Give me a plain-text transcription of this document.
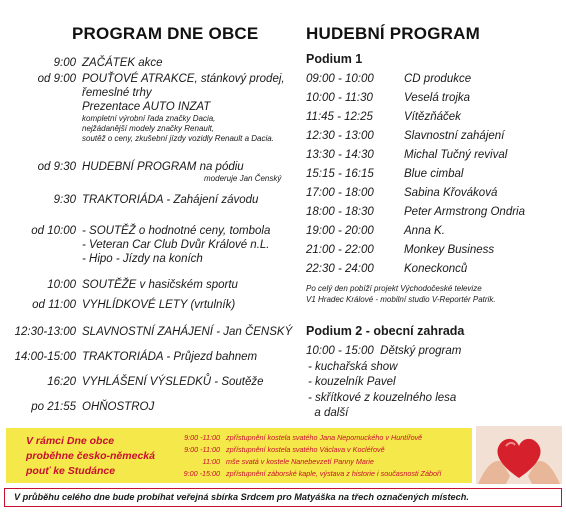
PROGRAM DNE OBCE
9:00 ZAČÁTEK akce
od 9:00 POUŤOVÉ ATRAKCE, stánkový prodej,
řemeslné trhy
Prezentace AUTO INZAT
9:30 TRAKTORIÁDA - Zahájení závodu
od 10:00 - SOUTĚŽ o hodnotné ceny, tombola
- Veteran Car Club Dvůr Králové n.L.
- Hipo - Jízdy na koních
10:00 SOUTĚŽE v hasičském sportu
od 11:00 VYHLÍDKOVÉ LETY (vrtulník)
12:30-13:00 SLAVNOSTNÍ ZAHÁJENÍ - Jan ČENSKÝ
14:00-15:00 TRAKTORIÁDA - Průjezd bahnem
16:20 VYHLÁŠENÍ VÝSLEDKŮ - Soutěže
po 21:55 OHŇOSTROJ
kompletní výrobní řada značky Dacia,
nejžádanější modely značky Renault,
soutěž o ceny, zkušební jízdy vozidly Renault a Dacia.
od 9:30 HUDEBNÍ PROGRAM na pódiu
moderuje Jan Čenský
HUDEBNÍ PROGRAM
Podium 1
09:00 - 10:00	CD produkce
10:00 - 11:30	Veselá trojka
11:45 - 12:25	Vítězňáček
12:30 - 13:00	Slavnostní zahájení
13:30 - 14:30	Michal Tučný revival
15:15 - 16:15	Blue cimbal
17:00 - 18:00	Sabina Křováková
18:00 - 18:30	Peter Armstrong Ondria
19:00 - 20:00	Anna K.
21:00 - 22:00	Monkey Business
22:30 - 24:00	Koneckonců
Po celý den pobíží projekt Východočeské televize
V1 Hradec Králové - mobilní studio V-Reportér Patrik.
Podium 2 - obecní zahrada
10:00 - 15:00  Dětský program
- kuchařská show
- kouzelník Pavel
- skřítkové z kouzelného lesa
a další
V rámci Dne obce
proběhne česko-německá
pouť ke Studánce
9:00 -11:00 zpřístupnění kostela svatého Jana Nepomuckého v Huntířově
9:00 -11:00 zpřístupnění kostela svatého Václava v Kocléřově
11:00 mše svatá v kostele Nanebevzetí Panny Marie
9:00 -15:00 zpřístupnění záborské kaple, výstava z historie i současnosti Záboří
V průběhu celého dne bude probíhat veřejná sbírka Srdcem pro Matyáška na třech označených místech.
